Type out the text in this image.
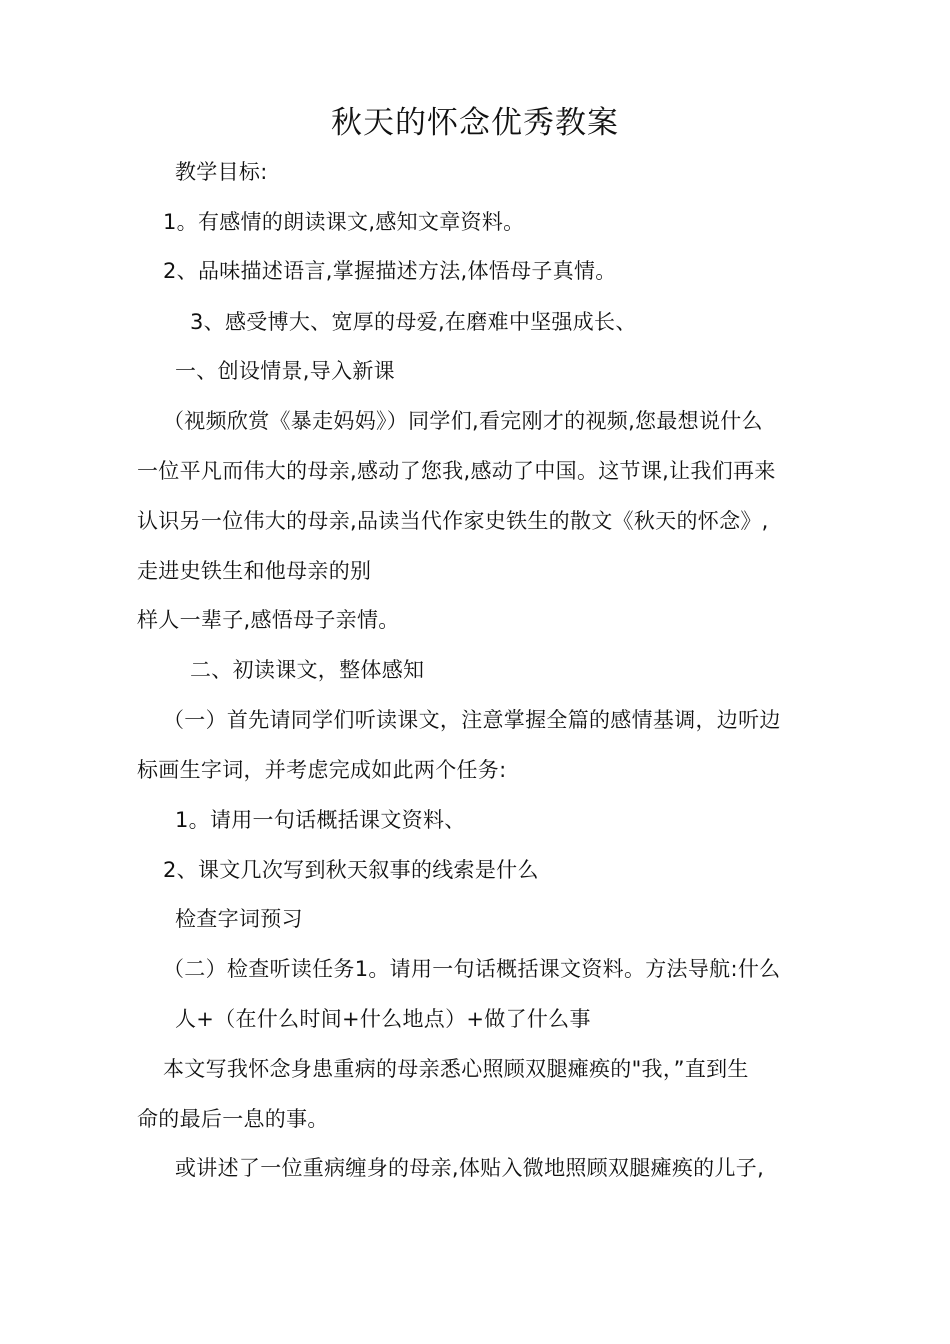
秋天的怀念优秀教案
教学目标:
1。有感情的朗读课文,感知文章资料。
2、品味描述语言,掌握描述方法,体悟母子真情。
3、感受博大、宽厚的母爱,在磨难中坚强成长、
一、创设情景,导入新课
（视频欣赏《暴走妈妈》）同学们,看完刚才的视频,您最想说什么
一位平凡而伟大的母亲,感动了您我,感动了中国。这节课,让我们再来
认识另一位伟大的母亲,品读当代作家史铁生的散文《秋天的怀念》,
走进史铁生和他母亲的别
样人一辈子,感悟母子亲情。
二、初读课文，整体感知
（一）首先请同学们听读课文，注意掌握全篇的感情基调，边听边
标画生字词，并考虑完成如此两个任务:
1。请用一句话概括课文资料、
2、课文几次写到秋天叙事的线索是什么
检查字词预习
（二）检查听读任务1。请用一句话概括课文资料。方法导航:什么
人+（在什么时间+什么地点）+做了什么事
本文写我怀念身患重病的母亲悉心照顾双腿瘫痪的"我，”直到生
命的最后一息的事。
或讲述了一位重病缠身的母亲,体贴入微地照顾双腿瘫痪的儿子,
